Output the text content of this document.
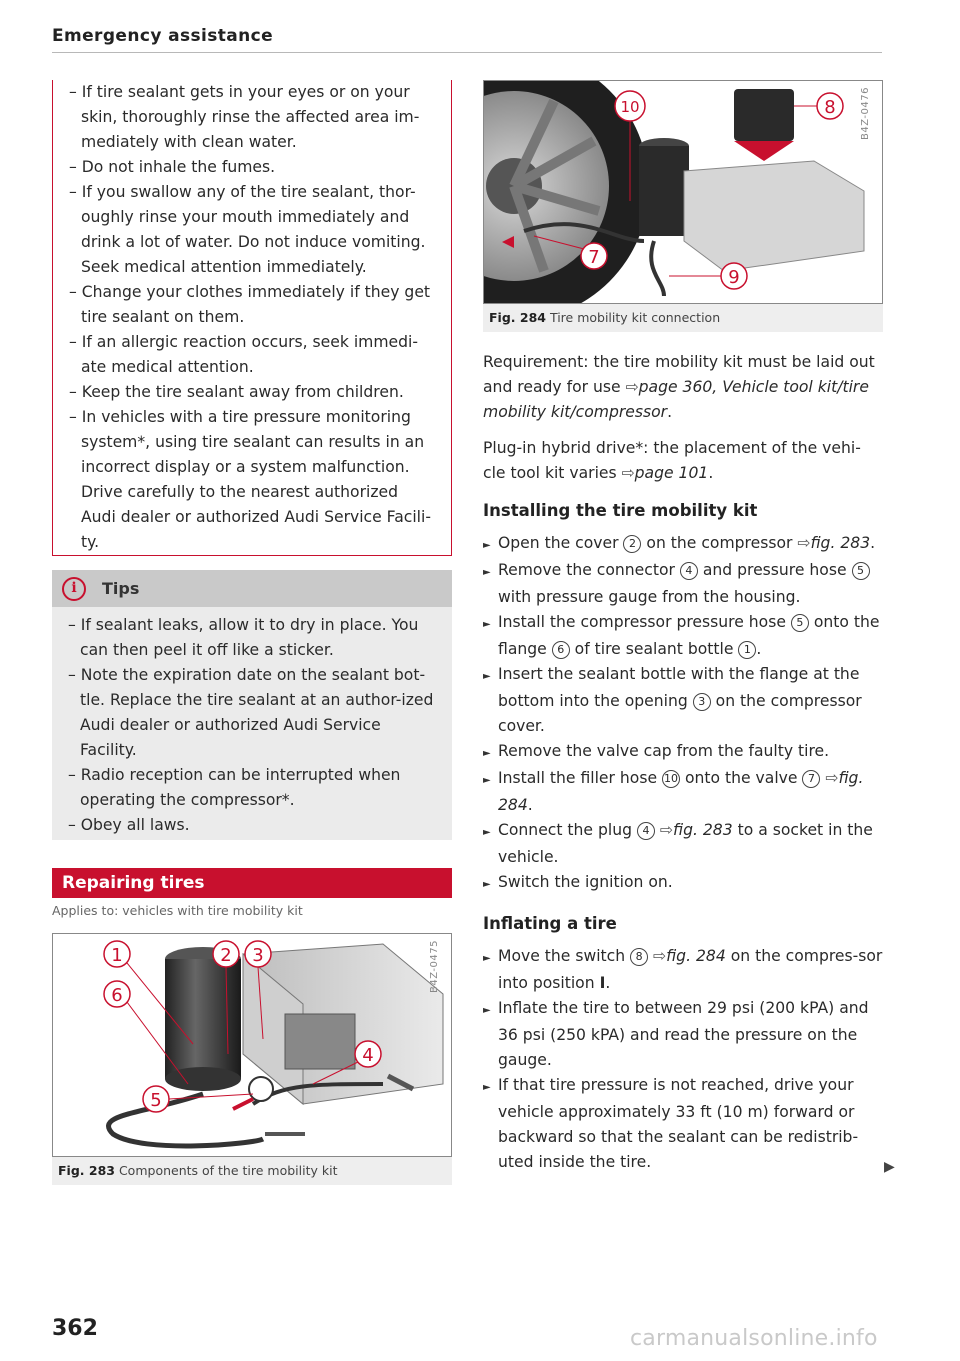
Emergency assistance
– If tire sealant gets in your eyes or on your skin, thoroughly rinse the affected area im-mediately with clean water.
– Do not inhale the fumes.
– If you swallow any of the tire sealant, thor-oughly rinse your mouth immediately and drink a lot of water. Do not induce vomiting. Seek medical attention immediately.
– Change your clothes immediately if they get tire sealant on them.
– If an allergic reaction occurs, seek immedi-ate medical attention.
– Keep the tire sealant away from children.
– In vehicles with a tire pressure monitoring system*, using tire sealant can results in an incorrect display or a system malfunction. Drive carefully to the nearest authorized Audi dealer or authorized Audi Service Facili-ty.
i	Tips
– If sealant leaks, allow it to dry in place. You can then peel it off like a sticker.
– Note the expiration date on the sealant bot-tle. Replace the tire sealant at an author-ized Audi dealer or authorized Audi Service Facility.
– Radio reception can be interrupted when operating the compressor*.
– Obey all laws.
Repairing tires
Applies to: vehicles with tire mobility kit
1	2 3
6
4
5
B4Z-0475
Fig. 283 Components of the tire mobility kit
10	8
7
9
B4Z-0476
Fig. 284 Tire mobility kit connection

Requirement: the tire mobility kit must be laid out and ready for use ⇨page 360, Vehicle tool kit/tire mobility kit/compressor.

Plug-in hybrid drive*: the placement of the vehi-cle tool kit varies ⇨page 101.

Installing the tire mobility kit
► Open the cover 2 on the compressor ⇨fig. 283.
► Remove the connector 4 and pressure hose 5 with pressure gauge from the housing.
► Install the compressor pressure hose 5 onto the flange 6 of tire sealant bottle 1 .
► Insert the sealant bottle with the flange at the bottom into the opening 3 on the compressor cover.
► Remove the valve cap from the faulty tire.
► Install the filler hose 10 onto the valve 7 ⇨fig. 284.
► Connect the plug 4 ⇨fig. 283 to a socket in the vehicle.
► Switch the ignition on.
Inflating a tire
► Move the switch 8 ⇨fig. 284 on the compres-sor into position I.
► Inflate the tire to between 29 psi (200 kPA) and 36 psi (250 kPA) and read the pressure on the gauge.
► If that tire pressure is not reached, drive your vehicle approximately 33 ft (10 m) forward or backward so that the sealant can be redistrib-uted inside the tire.	▶
362	carmanualsonline.info
